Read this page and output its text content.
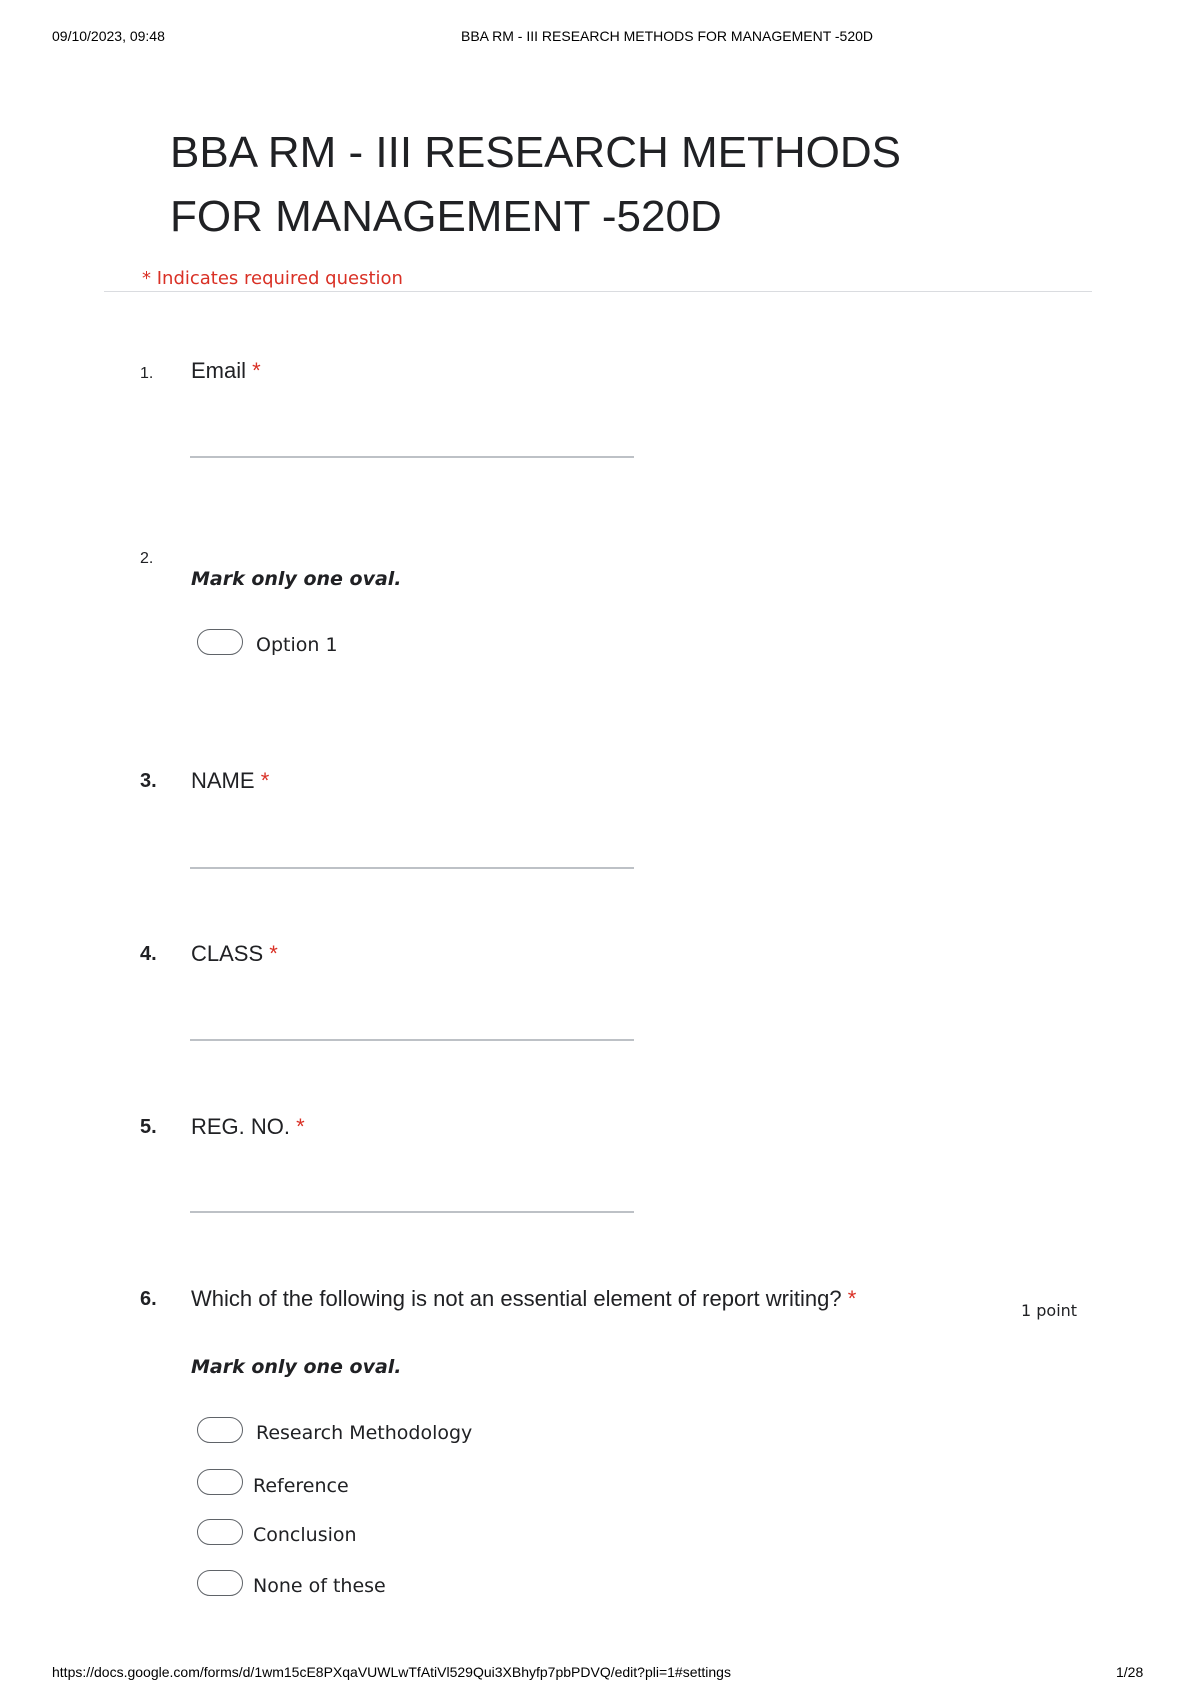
09/10/2023, 09:48	BBA RM - III RESEARCH METHODS FOR MANAGEMENT -520D
BBA RM - III RESEARCH METHODS
FOR MANAGEMENT -520D
* Indicates required question
1. Email *
2.
Mark only one oval.
Option 1
3. NAME *
4. CLASS *
5. REG. NO. *
6. Which of the following is not an essential element of report writing? *	1 point
Mark only one oval.
Research Methodology
Reference
Conclusion
None of these
https://docs.google.com/forms/d/1wm15cE8PXqaVUWLwTfAtiVl529Qui3XBhyfp7pbPDVQ/edit?pli=1#settings	1/28
